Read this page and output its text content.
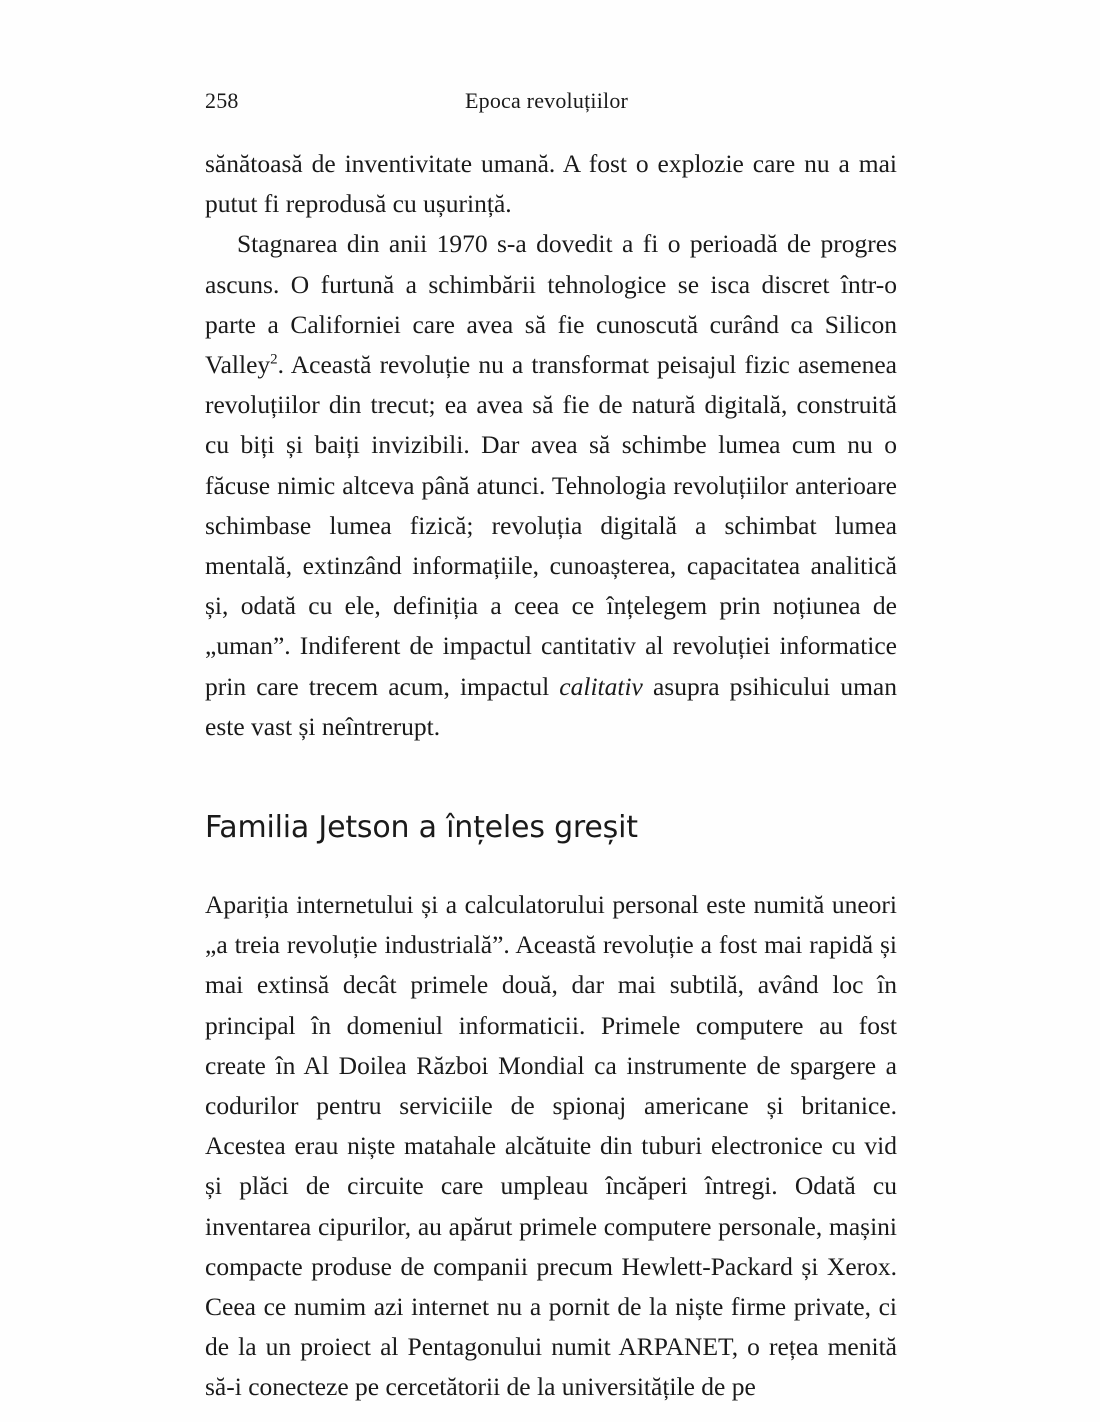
258	Epoca revoluțiilor

sănătoasă de inventivitate umană. A fost o explozie care nu a mai putut fi reprodusă cu ușurință.

Stagnarea din anii 1970 s-a dovedit a fi o perioadă de progres ascuns. O furtună a schimbării tehnologice se isca discret într-o parte a Californiei care avea să fie cunoscută curând ca Silicon Valley$^2$. Această revoluție nu a transformat peisajul fizic asemenea revoluțiilor din trecut; ea avea să fie de natură digitală, construită cu biți și baiți invizibili. Dar avea să schimbe lumea cum nu o făcuse nimic altceva până atunci. Tehnologia revoluțiilor anterioare schimbase lumea fizică; revoluția digitală a schimbat lumea mentală, extinzând informațiile, cunoașterea, capacitatea analitică și, odată cu ele, definiția a ceea ce înțelegem prin noțiunea de „uman”. Indiferent de impactul cantitativ al revoluției informatice prin care trecem acum, impactul calitativ asupra psihicului uman este vast și neîntrerupt.

Familia Jetson a înțeles greșit

Apariția internetului și a calculatorului personal este numită uneori „a treia revoluție industrială”. Această revoluție a fost mai rapidă și mai extinsă decât primele două, dar mai subtilă, având loc în principal în domeniul informaticii. Primele computere au fost create în Al Doilea Război Mondial ca instrumente de spargere a codurilor pentru serviciile de spionaj americane și britanice. Acestea erau niște matahale alcătuite din tuburi electronice cu vid și plăci de circuite care umpleau încăperi întregi. Odată cu inventarea cipurilor, au apărut primele computere personale, mașini compacte produse de companii precum Hewlett-Packard și Xerox. Ceea ce numim azi internet nu a pornit de la niște firme private, ci de la un proiect al Pentagonului numit ARPANET, o rețea menită să-i conecteze pe cercetătorii de la universitățile de pe
